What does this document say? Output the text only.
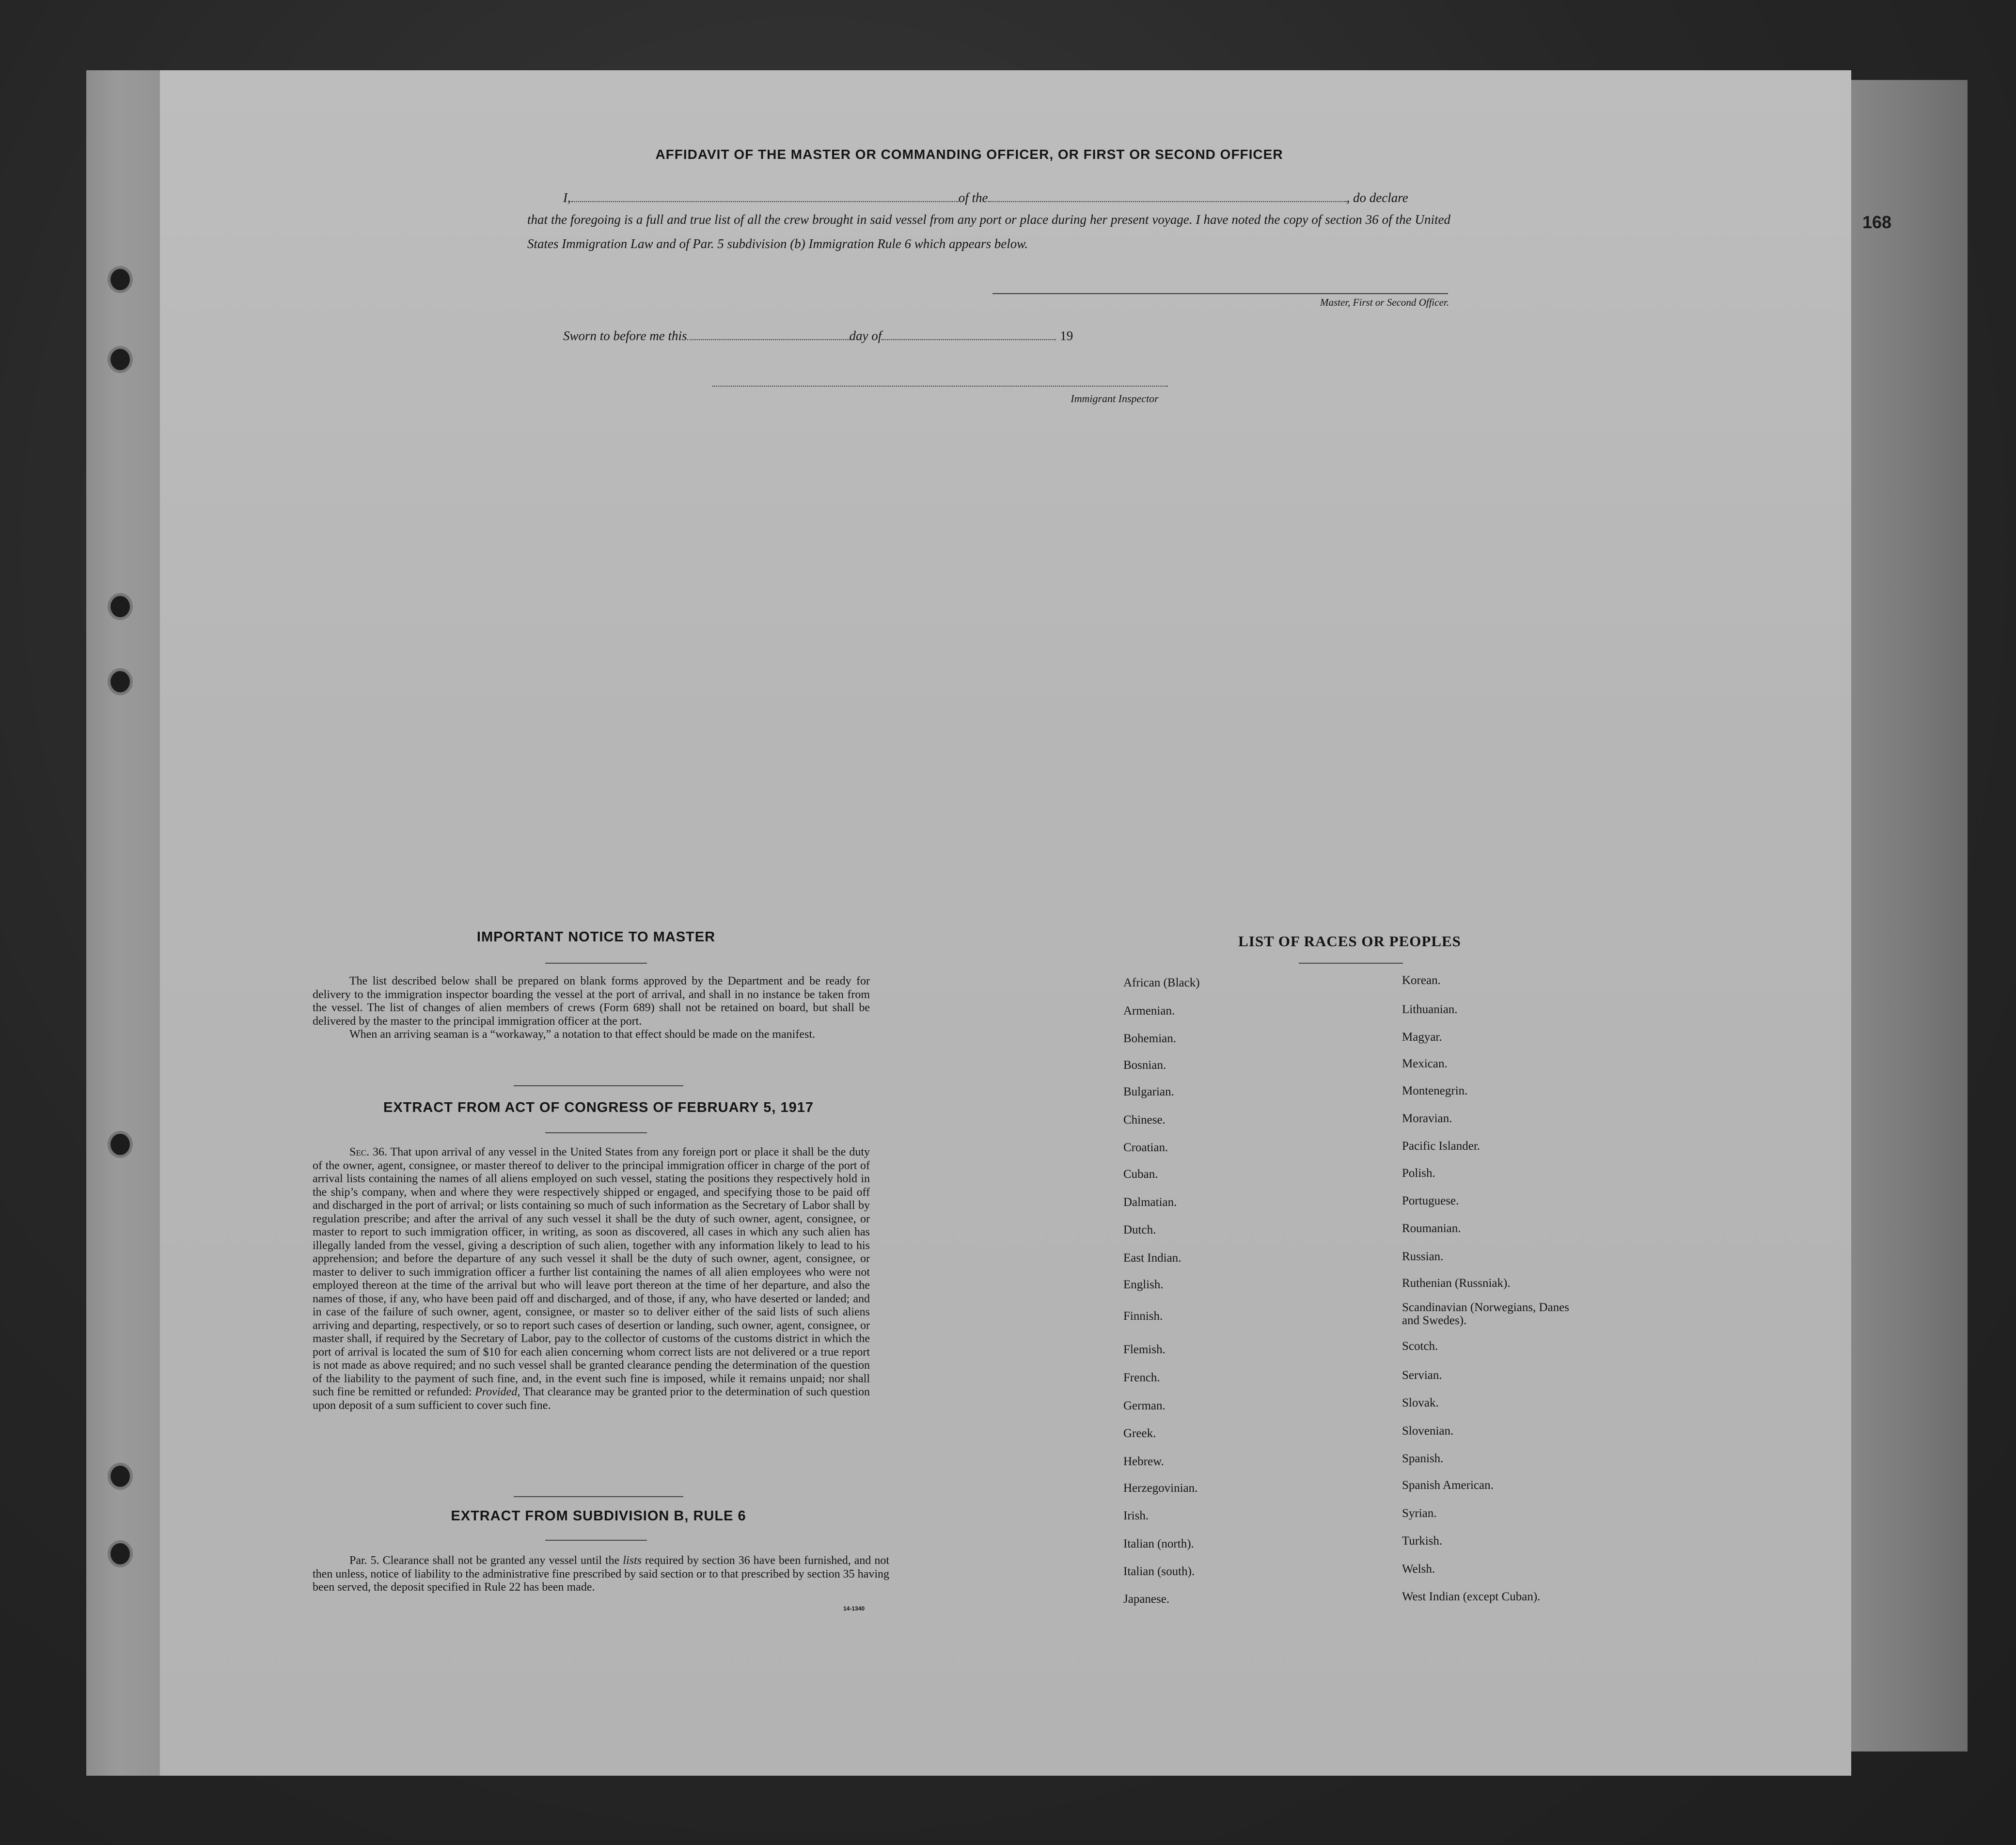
168
AFFIDAVIT OF THE MASTER OR COMMANDING OFFICER, OR FIRST OR SECOND OFFICER
I,	of the	, do declare
that the foregoing is a full and true list of all the crew brought in said vessel from any port or place during her present voyage. I have noted the copy of section 36 of the United States Immigration Law and of Par. 5 subdivision (b) Immigration Rule 6 which appears below.
Master, First or Second Officer.
Sworn to before me this	day of	19
Immigrant Inspector
IMPORTANT NOTICE TO MASTER
The list described below shall be prepared on blank forms approved by the Department and be ready for delivery to the immigration inspector boarding the vessel at the port of arrival, and shall in no instance be taken from the vessel. The list of changes of alien members of crews (Form 689) shall not be retained on board, but shall be delivered by the master to the principal immigration officer at the port.
When an arriving seaman is a “workaway,” a notation to that effect should be made on the manifest.
EXTRACT FROM ACT OF CONGRESS OF FEBRUARY 5, 1917
Sec. 36. That upon arrival of any vessel in the United States from any foreign port or place it shall be the duty of the owner, agent, consignee, or master thereof to deliver to the principal immigration officer in charge of the port of arrival lists containing the names of all aliens employed on such vessel, stating the positions they respectively hold in the ship’s company, when and where they were respectively shipped or engaged, and specifying those to be paid off and discharged in the port of arrival; or lists containing so much of such information as the Secretary of Labor shall by regulation prescribe; and after the arrival of any such vessel it shall be the duty of such owner, agent, consignee, or master to report to such immigration officer, in writing, as soon as discovered, all cases in which any such alien has illegally landed from the vessel, giving a description of such alien, together with any information likely to lead to his apprehension; and before the departure of any such vessel it shall be the duty of such owner, agent, consignee, or master to deliver to such immigration officer a further list containing the names of all alien employees who were not employed thereon at the time of the arrival but who will leave port thereon at the time of her departure, and also the names of those, if any, who have been paid off and discharged, and of those, if any, who have deserted or landed; and in case of the failure of such owner, agent, consignee, or master so to deliver either of the said lists of such aliens arriving and departing, respectively, or so to report such cases of desertion or landing, such owner, agent, consignee, or master shall, if required by the Secretary of Labor, pay to the collector of customs of the customs district in which the port of arrival is located the sum of $10 for each alien concerning whom correct lists are not delivered or a true report is not made as above required; and no such vessel shall be granted clearance pending the determination of the question of the liability to the payment of such fine, and, in the event such fine is imposed, while it remains unpaid; nor shall such fine be remitted or refunded: Provided, That clearance may be granted prior to the determination of such question upon deposit of a sum sufficient to cover such fine.
EXTRACT FROM SUBDIVISION B, RULE 6
Par. 5. Clearance shall not be granted any vessel until the lists required by section 36 have been furnished, and not then unless, notice of liability to the administrative fine prescribed by said section or to that prescribed by section 35 having been served, the deposit specified in Rule 22 has been made.
14-1340
LIST OF RACES OR PEOPLES
African (Black)
Armenian.
Bohemian.
Bosnian.
Bulgarian.
Chinese.
Croatian.
Cuban.
Dalmatian.
Dutch.
East Indian.
English.
Finnish.
Flemish.
French.
German.
Greek.
Hebrew.
Herzegovinian.
Irish.
Italian (north).
Italian (south).
Japanese.
Korean.
Lithuanian.
Magyar.
Mexican.
Montenegrin.
Moravian.
Pacific Islander.
Polish.
Portuguese.
Roumanian.
Russian.
Ruthenian (Russniak).
Scandinavian (Norwegians, Danes and Swedes).
Scotch.
Servian.
Slovak.
Slovenian.
Spanish.
Spanish American.
Syrian.
Turkish.
Welsh.
West Indian (except Cuban).
